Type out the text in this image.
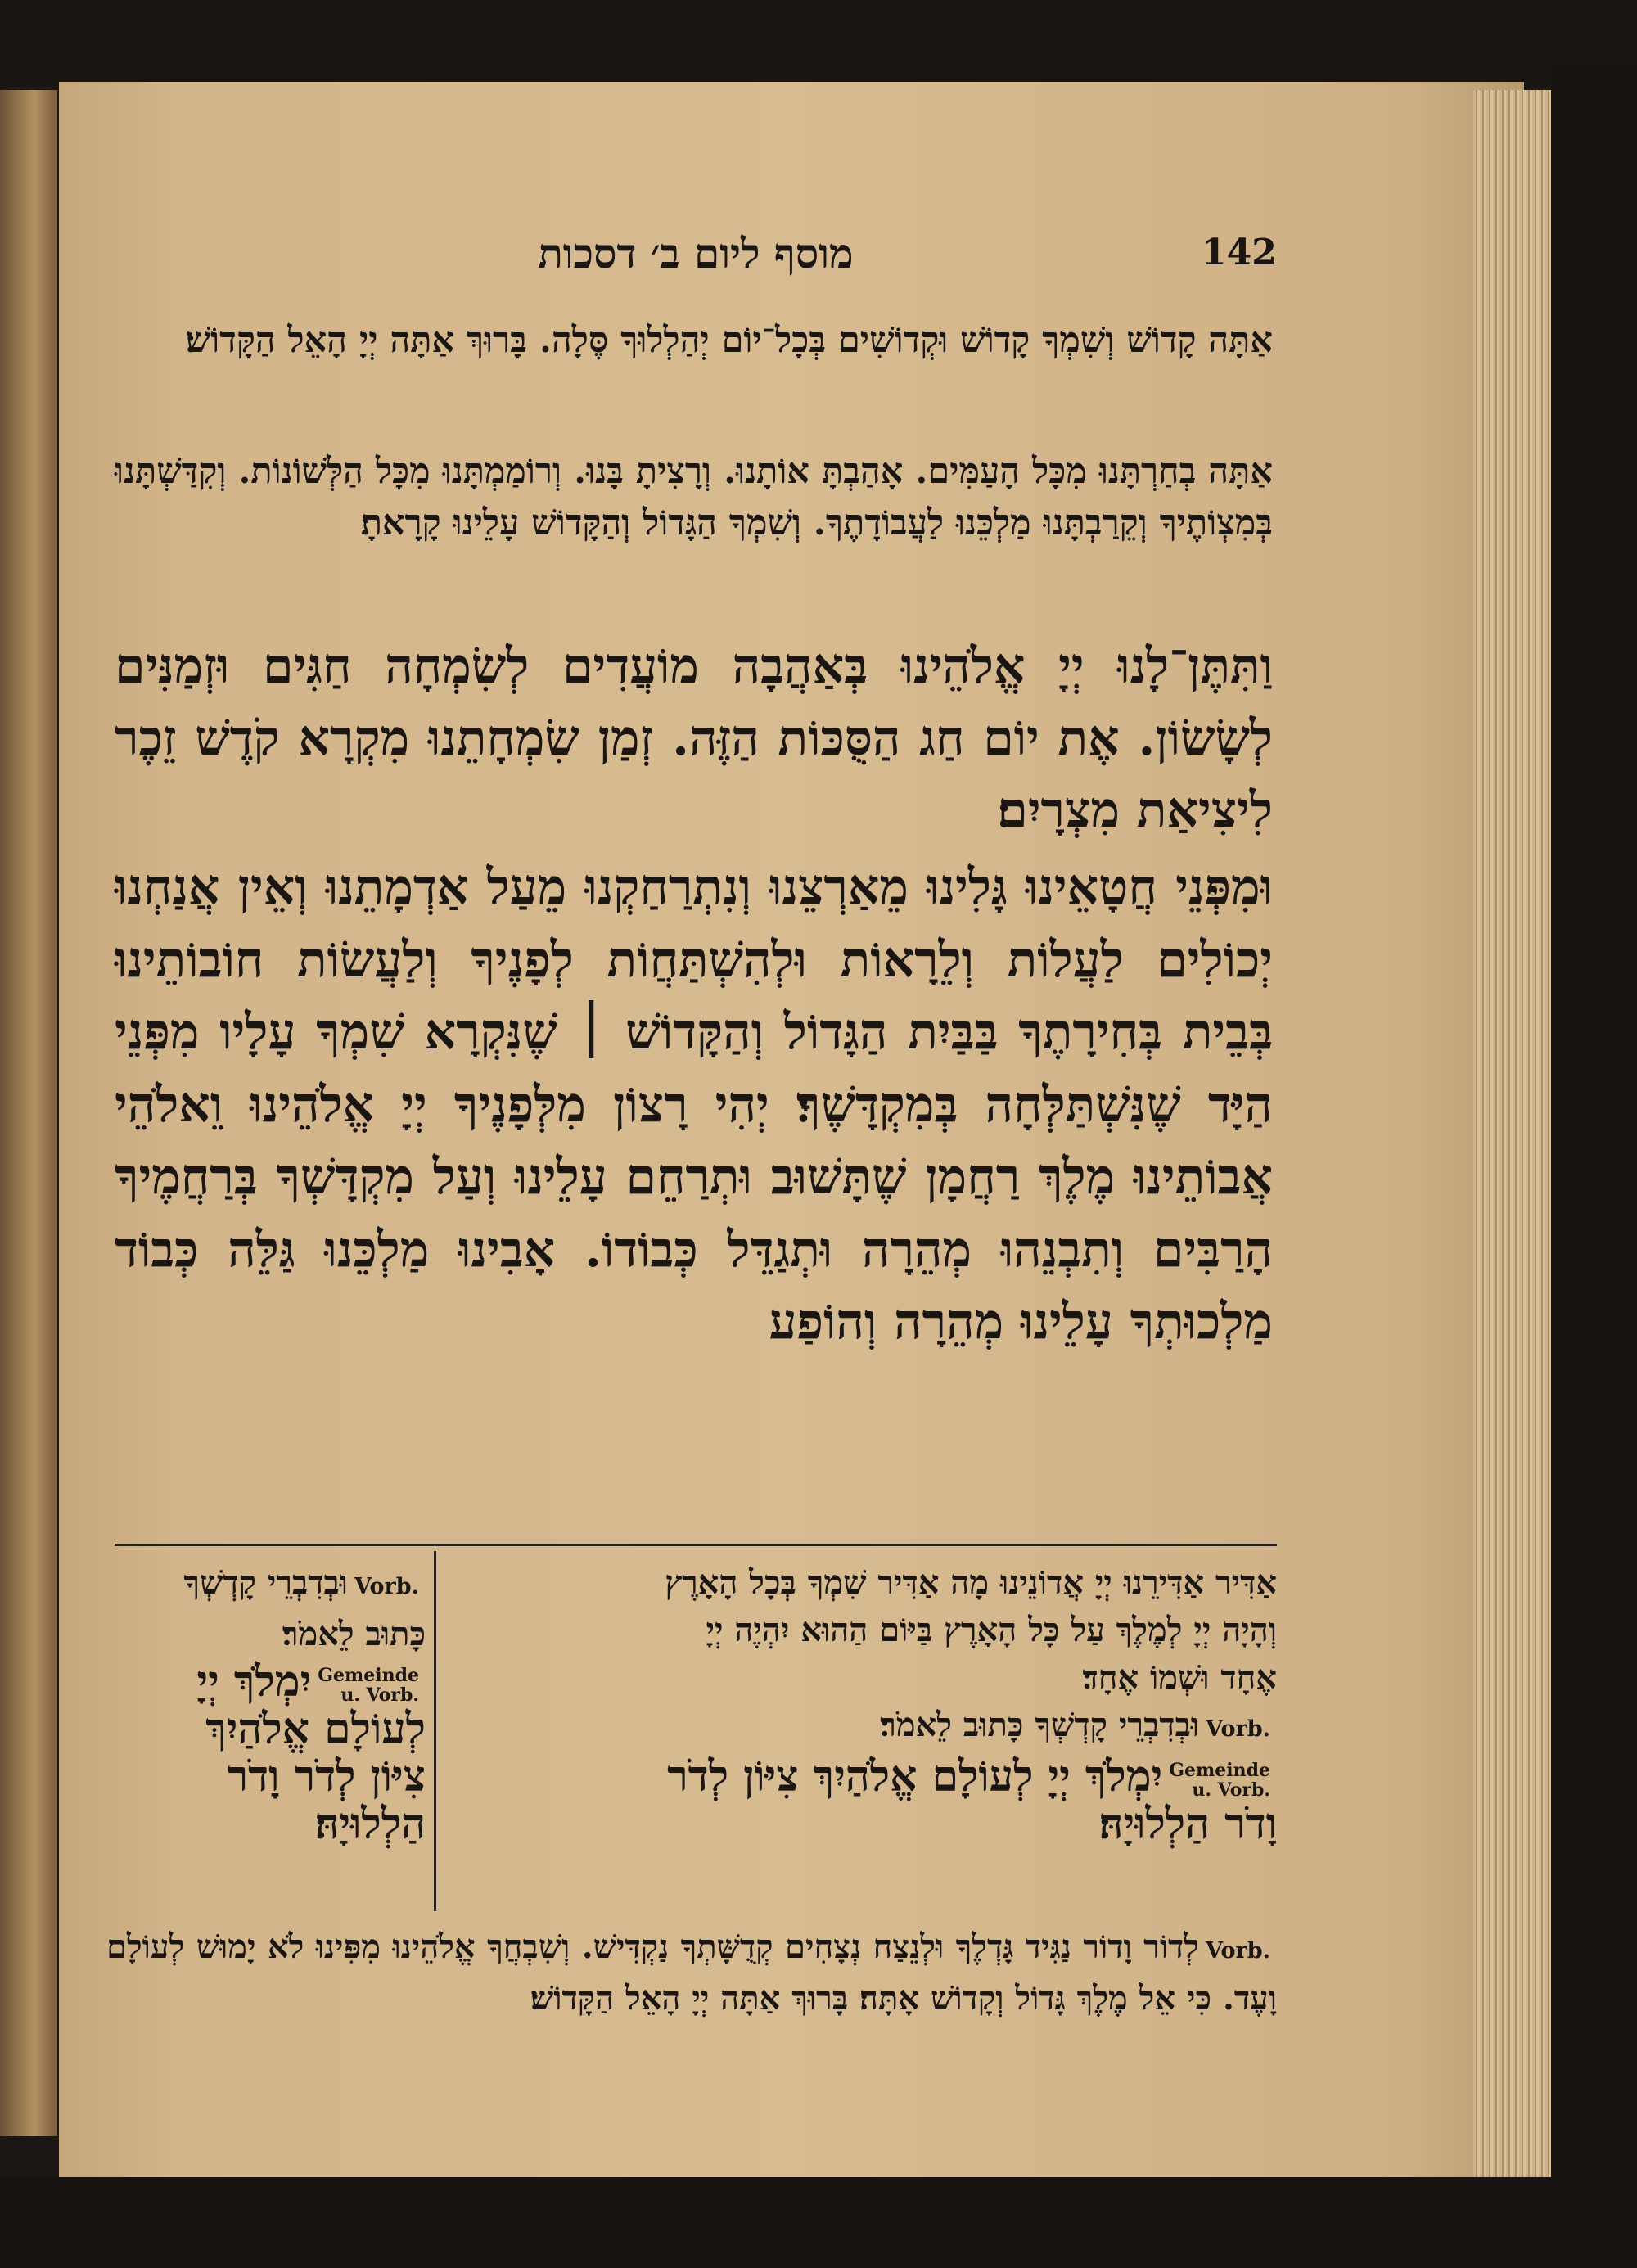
142
מוסף ליום ב׳ דסכות
אַתָּה קָדוֹשׁ וְשִׁמְךָ קָדוֹשׁ וּקְדוֹשִׁים בְּכָל־יוֹם יְהַלְלוּךָ סֶּלָה. בָּרוּךְ אַתָּה יְיָ הָאֵל הַקָּדוֹשׁ׃
אַתָּה בְחַרְתָּנוּ מִכָּל הָעַמִּים. אָהַבְתָּ אוֹתָנוּ. וְרָצִיתָ בָּנוּ. וְרוֹמַמְתָּנוּ מִכָּל הַלְּשׁוֹנוֹת. וְקִדַּשְׁתָּנוּ בְּמִצְוֹתֶיךָ וְקֵרַבְתָּנוּ מַלְכֵּנוּ לַעֲבוֹדָתֶךָ. וְשִׁמְךָ הַגָּדוֹל וְהַקָּדוֹשׁ עָלֵינוּ קָרָאתָ׃
וַתִּתֶּן־לָנוּ יְיָ אֱלֹהֵינוּ בְּאַהֲבָה מוֹעֲדִים לְשִׂמְחָה חַגִּים וּזְמַנִּים לְשָׂשׂוֹן. אֶת יוֹם חַג הַסֻּכּוֹת הַזֶּה. זְמַן שִׂמְחָתֵנוּ מִקְרָא קֹדֶשׁ זֵכֶר לִיצִיאַת מִצְרָיִם׃
וּמִפְּנֵי חֲטָאֵינוּ גָּלִינוּ מֵאַרְצֵנוּ וְנִתְרַחַקְנוּ מֵעַל אַדְמָתֵנוּ וְאֵין אֲנַחְנוּ יְכוֹלִים לַעֲלוֹת וְלֵרָאוֹת וּלְהִשְׁתַּחֲוֹת לְפָנֶיךָ וְלַעֲשׂוֹת חוֹבוֹתֵינוּ בְּבֵית בְּחִירָתֶךָ בַּבַּיִת הַגָּדוֹל וְהַקָּדוֹשׁ ׀ שֶׁנִּקְרָא שִׁמְךָ עָלָיו מִפְּנֵי הַיָּד שֶׁנִּשְׁתַּלְּחָה בְּמִקְדָּשֶׁךָ׃ יְהִי רָצוֹן מִלְּפָנֶיךָ יְיָ אֱלֹהֵינוּ וֵאלֹהֵי אֲבוֹתֵינוּ מֶלֶךְ רַחֲמָן שֶׁתָּשׁוּב וּתְרַחֵם עָלֵינוּ וְעַל מִקְדָּשְׁךָ בְּרַחֲמֶיךָ הָרַבִּים וְתִבְנֵהוּ מְהֵרָה וּתְגַדֵּל כְּבוֹדוֹ. אָבִינוּ מַלְכֵּנוּ גַּלֵּה כְּבוֹד מַלְכוּתְךָ עָלֵינוּ מְהֵרָה וְהוֹפַע
אַדִּיר אַדִּירֵנוּ יְיָ אֲדוֹנֵינוּ מָה אַדִּיר שִׁמְךָ בְּכָל הָאָרֶץ
וְהָיָה יְיָ לְמֶלֶךְ עַל כָּל הָאָרֶץ בַּיּוֹם הַהוּא יִהְיֶה יְיָ
אֶחָד וּשְׁמוֹ אֶחָד׃
Vorb.וּבְדִבְרֵי קָדְשְׁךָ כָּתוּב לֵאמֹר׃
Gemeinde
u. Vorb.יִמְלֹךְ יְיָ לְעוֹלָם אֱלֹהַיִךְ צִיּוֹן לְדֹר
וָדֹר הַלְלוּיָהּ׃
Vorb.וּבְדִבְרֵי קָדְשְׁךָ
כָּתוּב לֵאמֹר׃
Gemeinde
u. Vorb.יִמְלֹךְ יְיָ
לְעוֹלָם אֱלֹהַיִךְ
צִיּוֹן לְדֹר וָדֹר
הַלְלוּיָהּ׃
Vorb.לְדוֹר וָדוֹר נַגִּיד גָּדְלֶךָ וּלְנֵצַח נְצָחִים קְדֻשָּׁתְךָ נַקְדִּישׁ. וְשִׁבְחֲךָ אֱלֹהֵינוּ מִפִּינוּ לֹא יָמוּשׁ לְעוֹלָם וָעֶד. כִּי אֵל מֶלֶךְ גָּדוֹל וְקָדוֹשׁ אָתָּה׃ בָּרוּךְ אַתָּה יְיָ הָאֵל הַקָּדוֹשׁ׃
